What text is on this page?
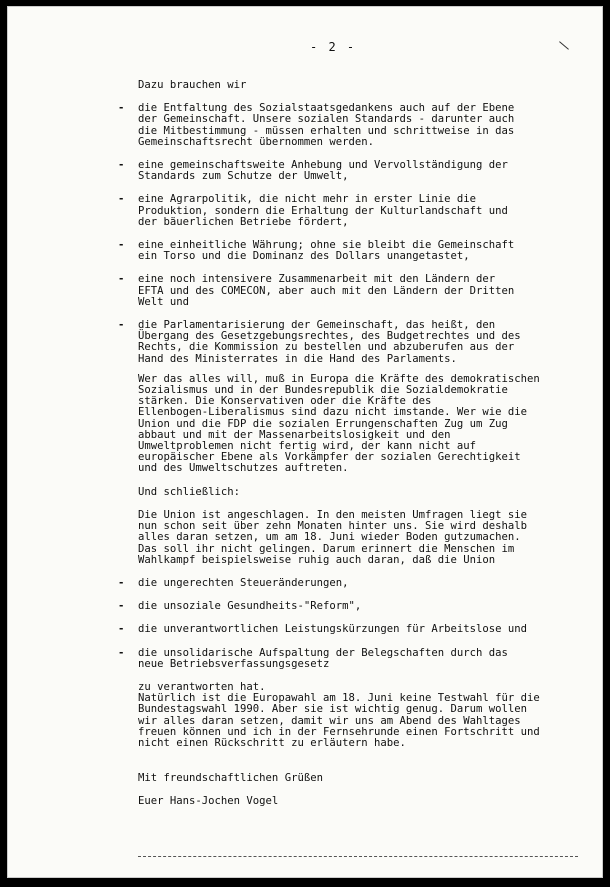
- 2 -

Dazu brauchen wir

- die Entfaltung des Sozialstaatsgedankens auch auf der Ebene
der Gemeinschaft. Unsere sozialen Standards - darunter auch
die Mitbestimmung - müssen erhalten und schrittweise in das
Gemeinschaftsrecht übernommen werden.
- eine gemeinschaftsweite Anhebung und Vervollständigung der
Standards zum Schutze der Umwelt,
- eine Agrarpolitik, die nicht mehr in erster Linie die
Produktion, sondern die Erhaltung der Kulturlandschaft und
der bäuerlichen Betriebe fördert,
- eine einheitliche Währung; ohne sie bleibt die Gemeinschaft
ein Torso und die Dominanz des Dollars unangetastet,
- eine noch intensivere Zusammenarbeit mit den Ländern der
EFTA und des COMECON, aber auch mit den Ländern der Dritten
Welt und
- die Parlamentarisierung der Gemeinschaft, das heißt, den
Übergang des Gesetzgebungsrechtes, des Budgetrechtes und des
Rechts, die Kommission zu bestellen und abzuberufen aus der
Hand des Ministerrates in die Hand des Parlaments.

Wer das alles will, muß in Europa die Kräfte des demokratischen
Sozialismus und in der Bundesrepublik die Sozialdemokratie
stärken. Die Konservativen oder die Kräfte des
Ellenbogen-Liberalismus sind dazu nicht imstande. Wer wie die
Union und die FDP die sozialen Errungenschaften Zug um Zug
abbaut und mit der Massenarbeitslosigkeit und den
Umweltproblemen nicht fertig wird, der kann nicht auf
europäischer Ebene als Vorkämpfer der sozialen Gerechtigkeit
und des Umweltschutzes auftreten.

Und schließlich:

Die Union ist angeschlagen. In den meisten Umfragen liegt sie
nun schon seit über zehn Monaten hinter uns. Sie wird deshalb
alles daran setzen, um am 18. Juni wieder Boden gutzumachen.
Das soll ihr nicht gelingen. Darum erinnert die Menschen im
Wahlkampf beispielsweise ruhig auch daran, daß die Union

- die ungerechten Steueränderungen,
- die unsoziale Gesundheits-"Reform",
- die unverantwortlichen Leistungskürzungen für Arbeitslose und
- die unsolidarische Aufspaltung der Belegschaften durch das
neue Betriebsverfassungsgesetz

zu verantworten hat.
Natürlich ist die Europawahl am 18. Juni keine Testwahl für die
Bundestagswahl 1990. Aber sie ist wichtig genug. Darum wollen
wir alles daran setzen, damit wir uns am Abend des Wahltages
freuen können und ich in der Fernsehrunde einen Fortschritt und
nicht einen Rückschritt zu erläutern habe.

Mit freundschaftlichen Grüßen

Euer Hans-Jochen Vogel
